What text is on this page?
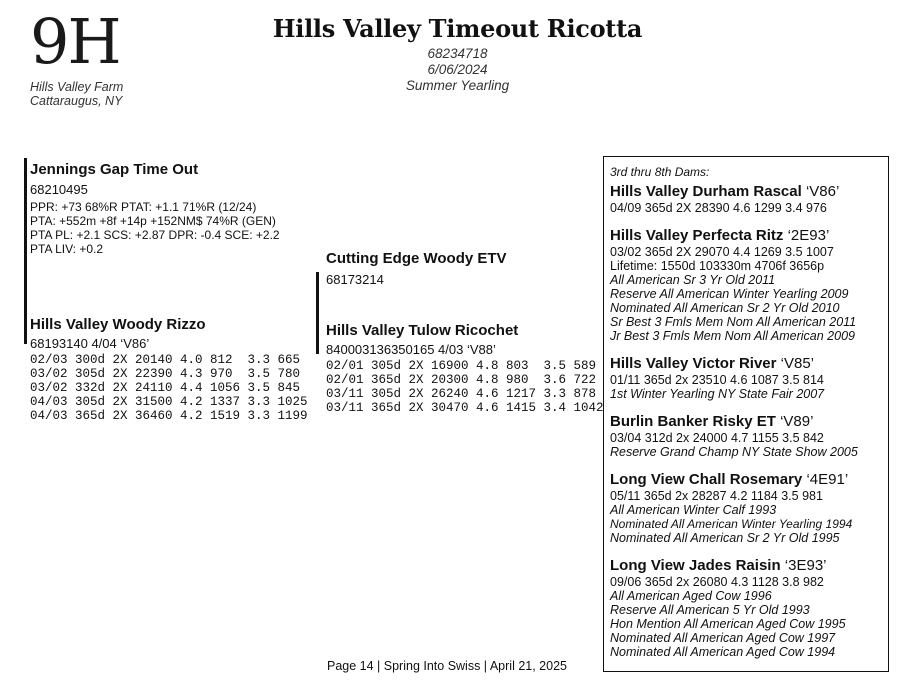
9H
Hills Valley Farm
Cattaraugus, NY
Hills Valley Timeout Ricotta
68234718
6/06/2024
Summer Yearling
Jennings Gap Time Out
68210495
PPR: +73 68%R PTAT: +1.1 71%R (12/24)
PTA: +552m +8f +14p +152NM$ 74%R (GEN)
PTA PL: +2.1 SCS: +2.87 DPR: -0.4 SCE: +2.2
PTA LIV: +0.2
Hills Valley Woody Rizzo
68193140 4/04 ‘V86’
02/03 300d 2X 20140 4.0 812  3.3 665
03/02 305d 2X 22390 4.3 970  3.5 780
03/02 332d 2X 24110 4.4 1056 3.5 845
04/03 305d 2X 31500 4.2 1337 3.3 1025
04/03 365d 2X 36460 4.2 1519 3.3 1199
Cutting Edge Woody ETV
68173214
Hills Valley Tulow Ricochet
840003136350165 4/03 ‘V88’
02/01 305d 2X 16900 4.8 803  3.5 589
02/01 365d 2X 20300 4.8 980  3.6 722
03/11 305d 2X 26240 4.6 1217 3.3 878
03/11 365d 2X 30470 4.6 1415 3.4 1042
3rd thru 8th Dams:
Hills Valley Durham Rascal ‘V86’
04/09 365d 2X 28390 4.6 1299 3.4 976
Hills Valley Perfecta Ritz ‘2E93’
03/02 365d 2X 29070 4.4 1269 3.5 1007
Lifetime: 1550d 103330m 4706f 3656p
All American Sr 3 Yr Old 2011
Reserve All American Winter Yearling 2009
Nominated All American Sr 2 Yr Old 2010
Sr Best 3 Fmls Mem Nom All American 2011
Jr Best 3 Fmls Mem Nom All American 2009
Hills Valley Victor River ‘V85’
01/11 365d 2x 23510 4.6 1087 3.5 814
1st Winter Yearling NY State Fair 2007
Burlin Banker Risky ET ‘V89’
03/04 312d 2x 24000 4.7 1155 3.5 842
Reserve Grand Champ NY State Show 2005
Long View Chall Rosemary ‘4E91’
05/11 365d 2x 28287 4.2 1184 3.5 981
All American Winter Calf 1993
Nominated All American Winter Yearling 1994
Nominated All American Sr 2 Yr Old 1995
Long View Jades Raisin ‘3E93’
09/06 365d 2x 26080 4.3 1128 3.8 982
All American Aged Cow 1996
Reserve All American 5 Yr Old 1993
Hon Mention All American Aged Cow 1995
Nominated All American Aged Cow 1997
Nominated All American Aged Cow 1994
Page 14 | Spring Into Swiss | April 21, 2025
